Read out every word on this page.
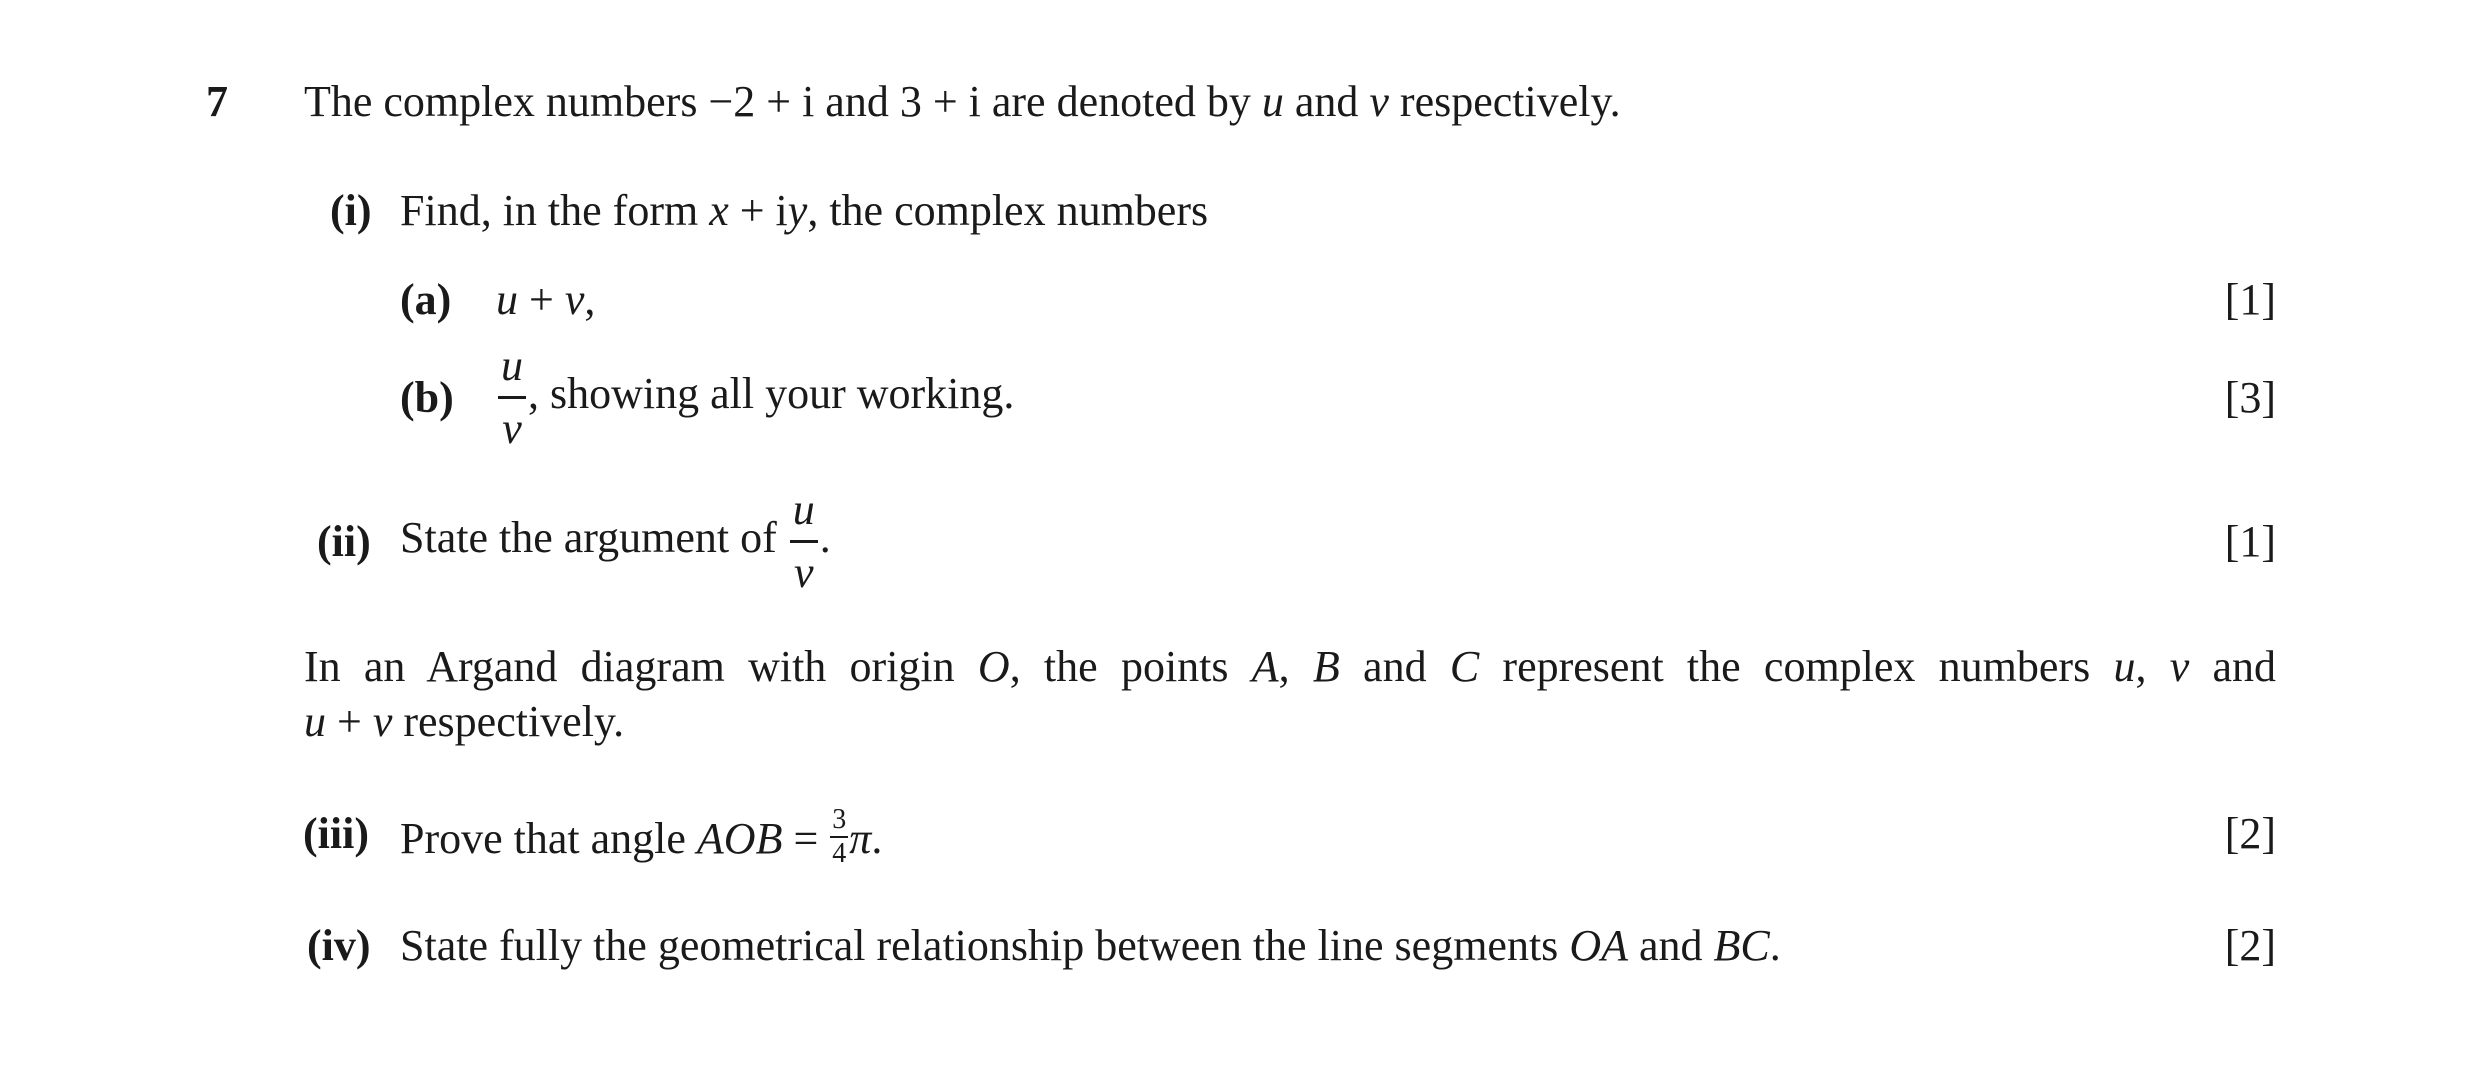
7 The complex numbers −2 + i and 3 + i are denoted by u and v respectively.
(i) Find, in the form x + iy, the complex numbers
(a) u + v,	[1]
$(b) \frac{u}{v}$ , showing all your working.	[3]
(ii) State the argument of $\frac{u}{v}$ .	[1]
In an Argand diagram with origin O, the points A, B and C represent the complex numbers u, v and
u + v respectively.
(iii) Prove that angle AOB = $\frac{3}{4} \pi$.	[2]
(iv) State fully the geometrical relationship between the line segments OA and BC.	[2]
